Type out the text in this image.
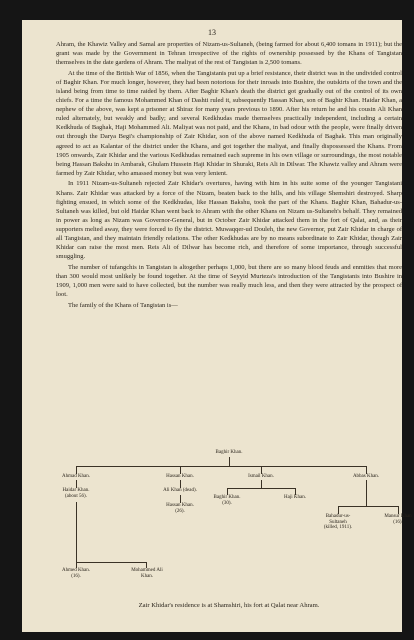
13

Ahram, the Khawiz Valley and Samal are properties of Nizam-us-Sultaneh, (being farmed for about 6,400 tomans in 1911); but the grant was made by the Government in Tehran irrespective of the rights of ownership possessed by the Khans of Tangistan themselves in the date gardens of Ahram. The maliyat of the rest of Tangistan is 2,500 tomans.

At the time of the British War of 1856, when the Tangistanis put up a brief resistance, their district was in the undivided control of Baghir Khan. For much longer, however, they had been notorious for their inroads into Bushire, the outskirts of the town and the island being from time to time raided by them. After Baghir Khan's death the district got gradually out of the control of its own chiefs. For a time the famous Mohammed Khan of Dashti ruled it, subsequently Hassan Khan, son of Baghir Khan. Haidar Khan, a nephew of the above, was kept a prisoner at Shiraz for many years previous to 1890. After his return he and his cousin Ali Khan ruled alternately, but weakly and badly; and several Kedkhudas made themselves practically independent, including a certain Kedkhuda of Baghak, Haji Mohammed Ali. Maliyat was not paid, and the Khans, in bad odour with the people, were finally driven out through the Darya Begi's championship of Zair Khidar, son of the above named Kedkhuda of Baghak. This man originally agreed to act as Kalantar of the district under the Khans, and got together the maliyat, and finally dispossessed the Khans. From 1905 onwards, Zair Khidar and the various Kedkhudas remained each supreme in his own village or surroundings, the most notable being Hassan Bakshu in Ambarak, Ghulam Hussein Haji Khidar in Shuraki, Reis Ali in Dilwar. The Khawiz valley and Ahram were farmed by Zair Khidar, who amassed money but was very lenient.

In 1911 Nizam-us-Sultaneh rejected Zair Khidar's overtures, having with him in his suite some of the younger Tangistani Khans. Zair Khidar was attacked by a force of the Nizam, beaten back to the hills, and his village Shemshiri destroyed. Sharp fighting ensued, in which some of the Kedkhudas, like Hassan Bakshu, took the part of the Khans. Baghir Khan, Bahadur-us-Sultaneh was killed, but old Haidar Khan went back to Ahram with the other Khans on Nizam us-Sultaneh's behalf. They remained in power as long as Nizam was Governor-General, but in October Zair Khidar attacked them in the fort of Qalat, and, as their supporters melted away, they were forced to fly the district. Muwaqqer-ud Douleh, the new Governor, put Zair Khidar in charge of all Tangistan, and they maintain friendly relations. The other Kedkhudas are by no means subordinate to Zair Khidar, though Zair Khidar can raise the most men. Reis Ali of Dilwar has become rich, and therefore of some importance, through successful smuggling.

The number of tufangchis in Tangistan is altogether perhaps 1,000, but there are so many blood feuds and enmities that more than 300 would most unlikely be found together. At the time of Seyyid Murteza's introduction of the Tangistanis into Bushire in 1909, 1,000 men were said to have collected, but the number was really much less, and then they were attracted by the prospect of loot.

The family of the Khans of Tangistan is—

Baghir Khan.
Ahmad Khan.	Hassan Khan.	Ismail Khan.	Abbas Khan.
Haidar Khan.
(about 56).
Ali Khan (dead).
Hassan Khan.
(26).
Baghir Khan.
(30).
Haji Khan.
Bahadur-us-
Sultaneh
(killed, 1911).
Mansur Khan
(16).
Ahmed Khan.
(16).
Mohammed Ali
Khan.
Zair Khidar's residence is at Shamshiri, his fort at Qalat near Ahram.
